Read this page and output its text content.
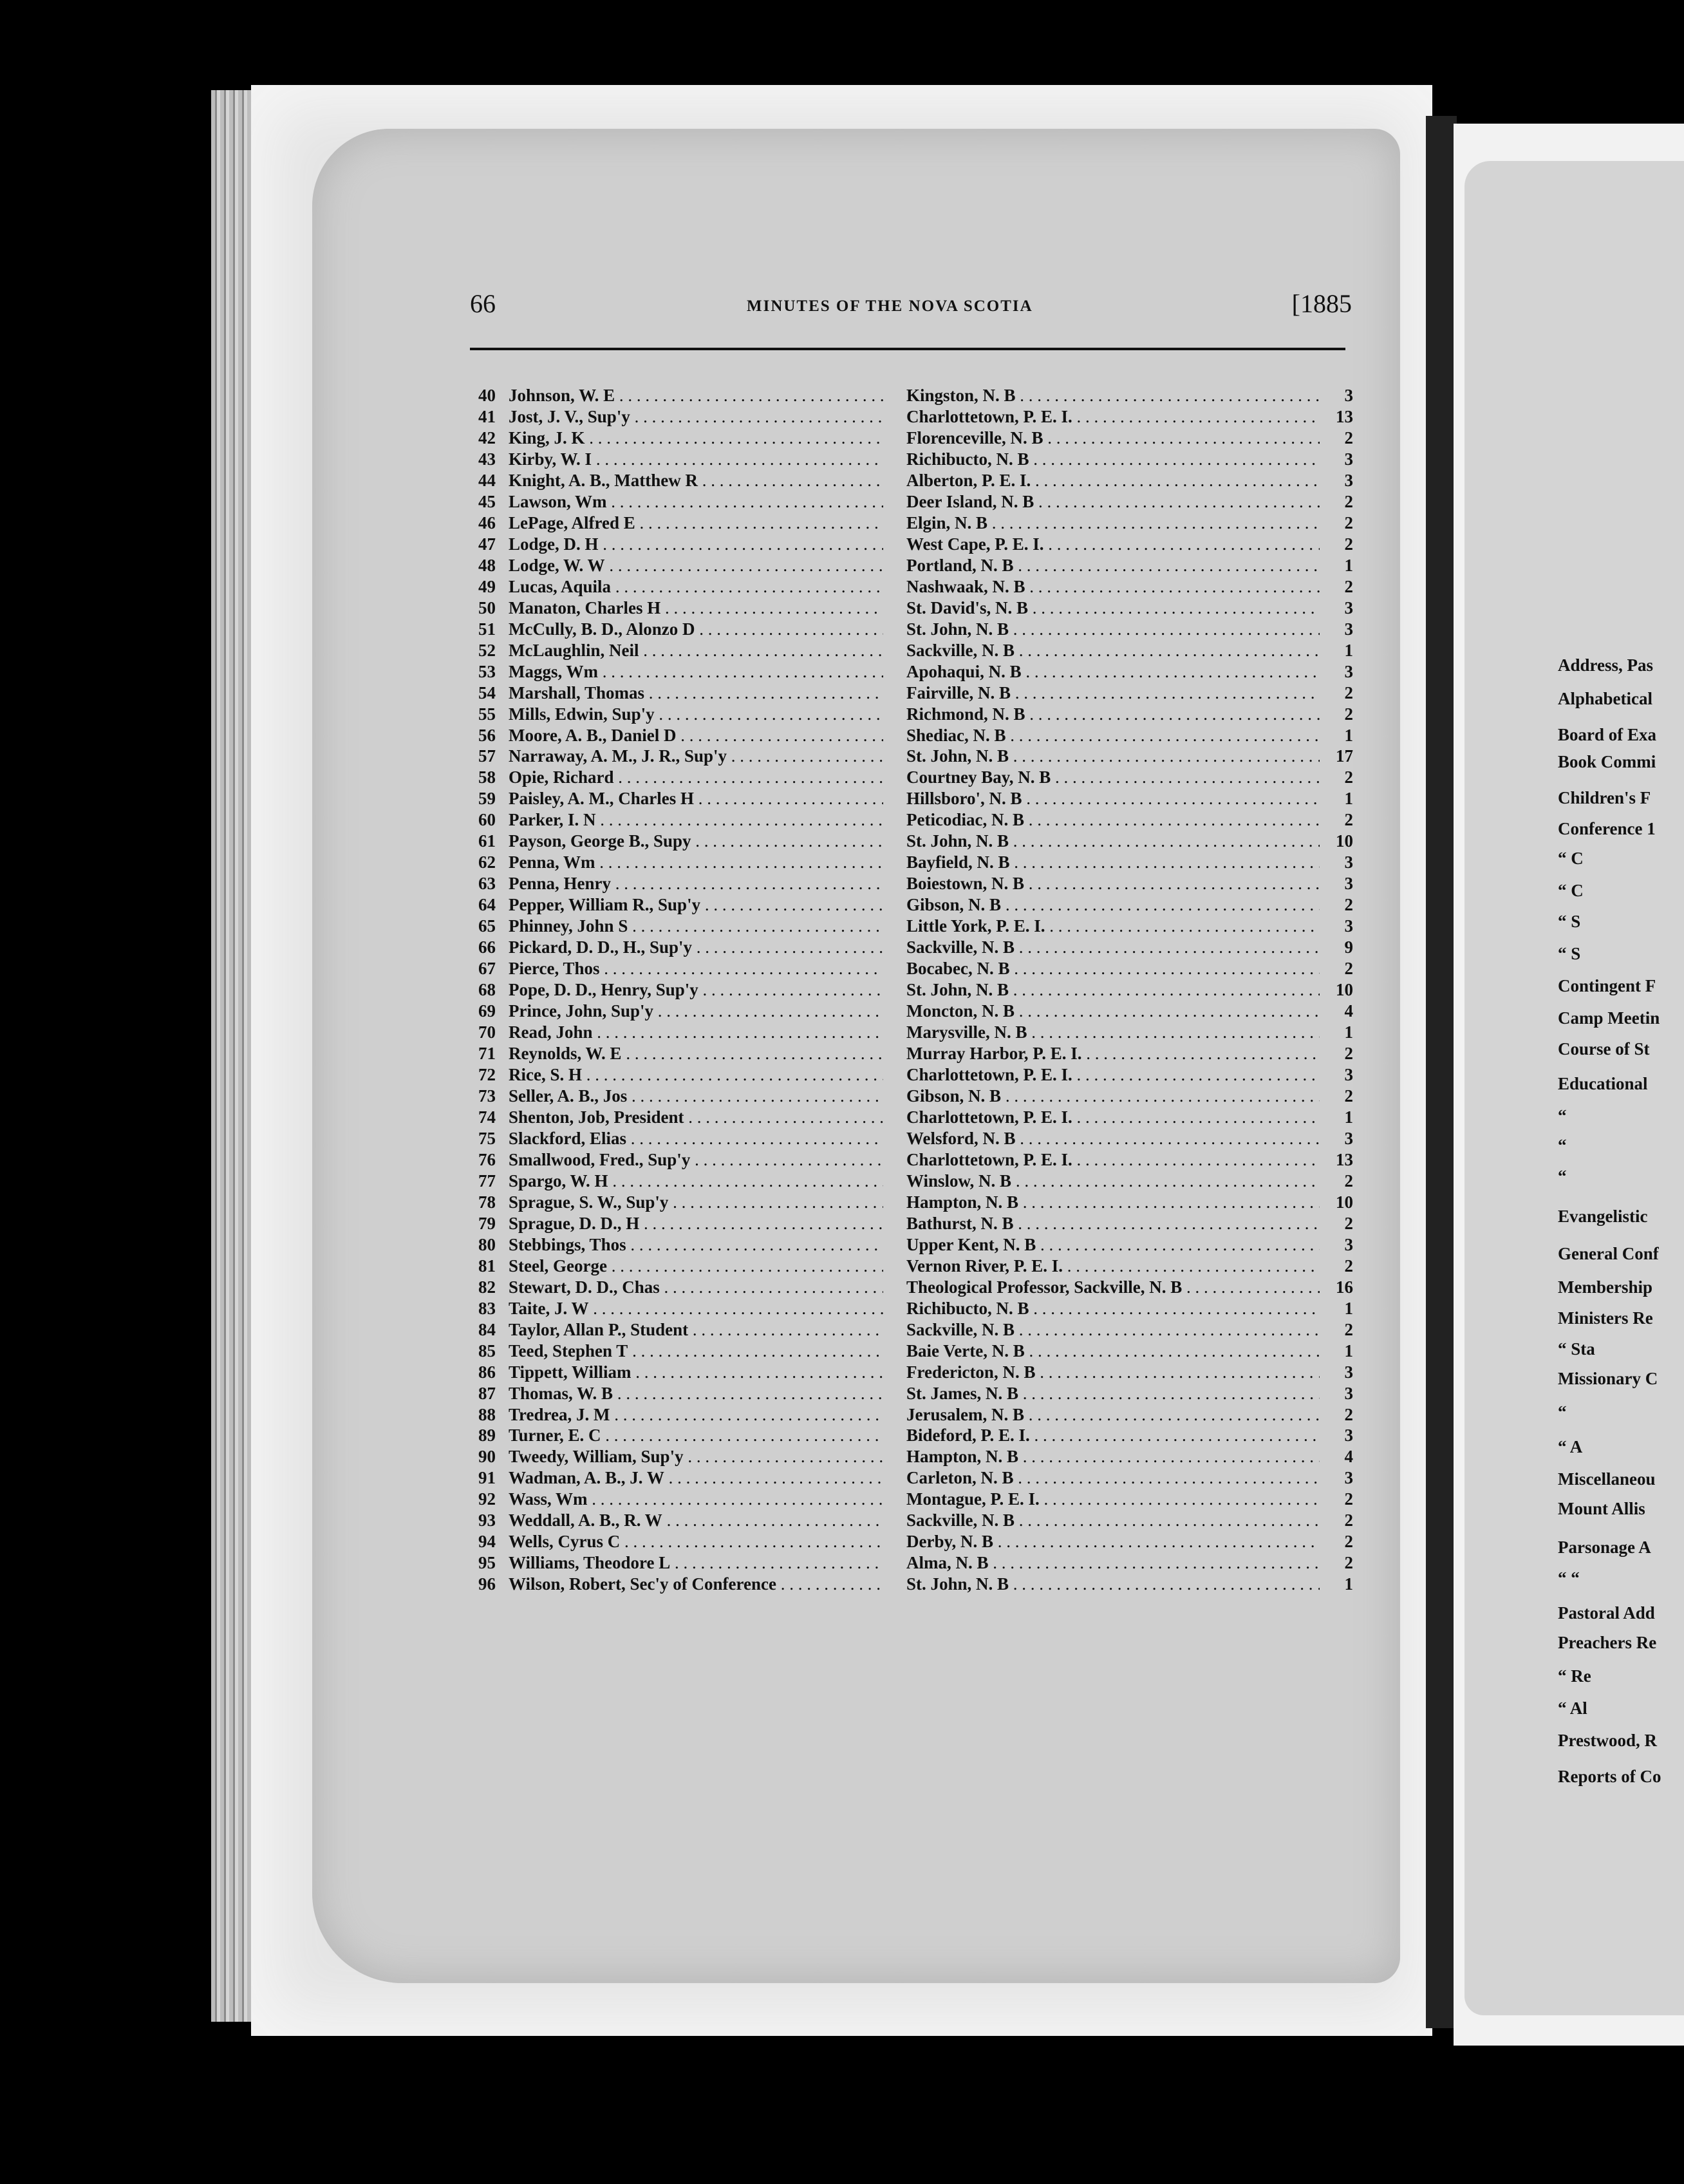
66	MINUTES OF THE NOVA SCOTIA	[1885
40 Johnson, W. E . . .	Kingston, N. B . . .	3
41 Jost, J. V., Sup'y . . .	Charlottetown, P. E. I. . . .	13
42 King, J. K . . .	Florenceville, N. B . . .	2
43 Kirby, W. I . . .	Richibucto, N. B . . .	3
44 Knight, A. B., Matthew R . . .	Alberton, P. E. I. . . .	3
45 Lawson, Wm . . .	Deer Island, N. B . . .	2
46 LePage, Alfred E . . .	Elgin, N. B . . .	2
47 Lodge, D. H . . .	West Cape, P. E. I. . . .	2
48 Lodge, W. W . . .	Portland, N. B . . .	1
49 Lucas, Aquila . . .	Nashwaak, N. B . . .	2
50 Manaton, Charles H . . .	St. David's, N. B . . .	3
51 McCully, B. D., Alonzo D . . .	St. John, N. B . . .	3
52 McLaughlin, Neil . . .	Sackville, N. B . . .	1
53 Maggs, Wm . . .	Apohaqui, N. B . . .	3
54 Marshall, Thomas . . .	Fairville, N. B . . .	2
55 Mills, Edwin, Sup'y . . .	Richmond, N. B . . .	2
56 Moore, A. B., Daniel D . . .	Shediac, N. B . . .	1
57 Narraway, A. M., J. R., Sup'y . . .	St. John, N. B . . .	17
58 Opie, Richard . . .	Courtney Bay, N. B . . .	2
59 Paisley, A. M., Charles H . . .	Hillsboro', N. B . . .	1
60 Parker, I. N . . .	Peticodiac, N. B . . .	2
61 Payson, George B., Supy . . .	St. John, N. B . . .	10
62 Penna, Wm . . .	Bayfield, N. B . . .	3
63 Penna, Henry . . .	Boiestown, N. B . . .	3
64 Pepper, William R., Sup'y . . .	Gibson, N. B . . .	2
65 Phinney, John S . . .	Little York, P. E. I. . . .	3
66 Pickard, D. D., H., Sup'y . . .	Sackville, N. B . . .	9
67 Pierce, Thos . . .	Bocabec, N. B . . .	2
68 Pope, D. D., Henry, Sup'y . . .	St. John, N. B . . .	10
69 Prince, John, Sup'y . . .	Moncton, N. B . . .	4
70 Read, John . . .	Marysville, N. B . . .	1
71 Reynolds, W. E . . .	Murray Harbor, P. E. I. . . .	2
72 Rice, S. H . . .	Charlottetown, P. E. I. . . .	3
73 Seller, A. B., Jos . . .	Gibson, N. B . . .	2
74 Shenton, Job, President . . .	Charlottetown, P. E. I. . . .	1
75 Slackford, Elias . . .	Welsford, N. B . . .	3
76 Smallwood, Fred., Sup'y . . .	Charlottetown, P. E. I. . . .	13
77 Spargo, W. H . . .	Winslow, N. B . . .	2
78 Sprague, S. W., Sup'y . . .	Hampton, N. B . . .	10
79 Sprague, D. D., H . . .	Bathurst, N. B . . .	2
80 Stebbings, Thos . . .	Upper Kent, N. B . . .	3
81 Steel, George . . .	Vernon River, P. E. I. . . .	2
82 Stewart, D. D., Chas . . .	Theological Professor, Sackville, N. B . . .	16
83 Taite, J. W . . .	Richibucto, N. B . . .	1
84 Taylor, Allan P., Student . . .	Sackville, N. B . . .	2
85 Teed, Stephen T . . .	Baie Verte, N. B . . .	1
86 Tippett, William . . .	Fredericton, N. B . . .	3
87 Thomas, W. B . . .	St. James, N. B . . .	3
88 Tredrea, J. M . . .	Jerusalem, N. B . . .	2
89 Turner, E. C . . .	Bideford, P. E. I. . . .	3
90 Tweedy, William, Sup'y . . .	Hampton, N. B . . .	4
91 Wadman, A. B., J. W . . .	Carleton, N. B . . .	3
92 Wass, Wm . . .	Montague, P. E. I. . . .	2
93 Weddall, A. B., R. W . . .	Sackville, N. B . . .	2
94 Wells, Cyrus C . . .	Derby, N. B . . .	2
95 Williams, Theodore L . . .	Alma, N. B . . .	2
96 Wilson, Robert, Sec'y of Conference . . .	St. John, N. B . . .	1
Address, Pas
Alphabetical
Board of Exa
Book Commi
Children's F
Conference 1
“ C
“ C
“ S
“ S
Contingent F
Camp Meetin
Course of St
Educational
“
“
“
Evangelistic
General Conf
Membership
Ministers Re
“ Sta
Missionary C
“
“ A
Miscellaneou
Mount Allis
Parsonage A
“ “
Pastoral Add
Preachers Re
“ Re
“ Al
Prestwood, R
Reports of Co
